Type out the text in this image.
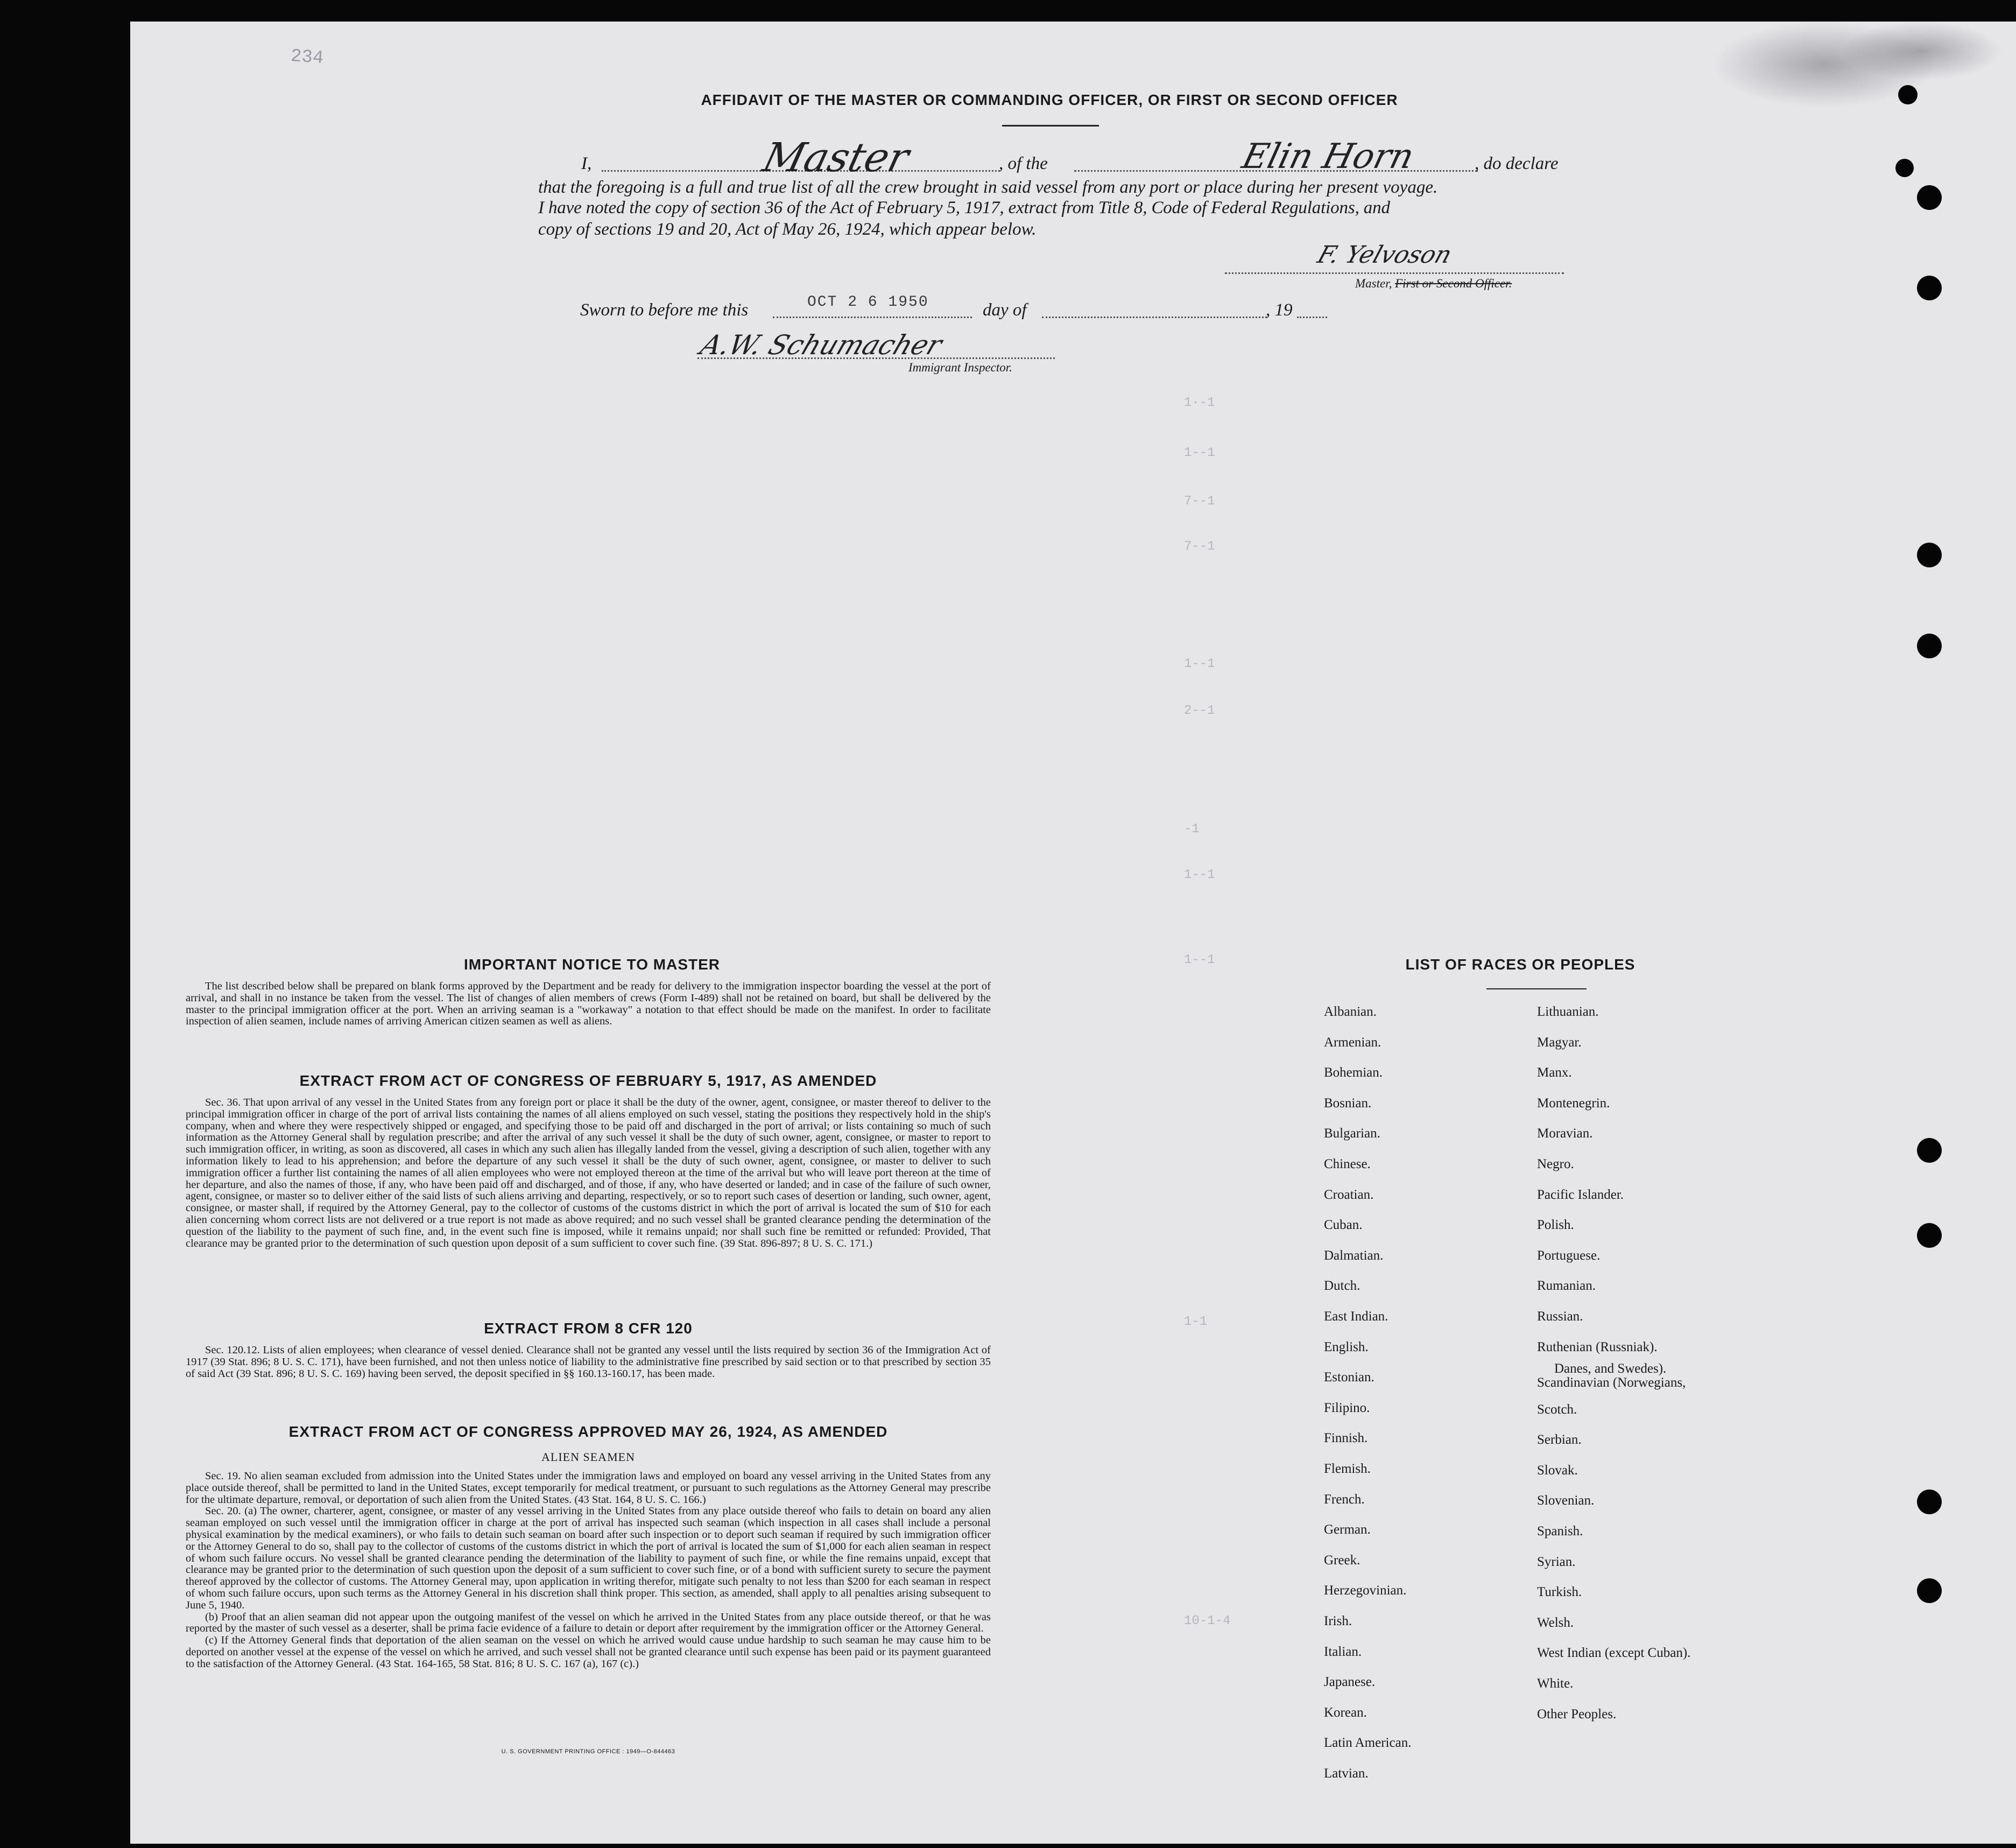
234
1·-1
1--1
7--1
7--1
1--1
2--1
-1
1--1
1--1
1-1
10-1-4
AFFIDAVIT OF THE MASTER OR COMMANDING OFFICER, OR FIRST OR SECOND OFFICER
I,	Master	, of the	Elin Horn	, do declare
that the foregoing is a full and true list of all the crew brought in said vessel from any port or place during her present voyage.
I have noted the copy of section 36 of the Act of February 5, 1917, extract from Title 8, Code of Federal Regulations, and
copy of sections 19 and 20, Act of May 26, 1924, which appear below.
F. Yelvoson
Master, First or Second Officer.
Sworn to before me this	OCT 2 6 1950	day of	, 19
A.W. Schumacher
Immigrant Inspector.
IMPORTANT NOTICE TO MASTER

The list described below shall be prepared on blank forms approved by the Department and be ready for delivery to the immigration inspector boarding the vessel at the port of arrival, and shall in no instance be taken from the vessel. The list of changes of alien members of crews (Form I-489) shall not be retained on board, but shall be delivered by the master to the principal immigration officer at the port. When an arriving seaman is a "workaway" a notation to that effect should be made on the manifest. In order to facilitate inspection of alien seamen, include names of arriving American citizen seamen as well as aliens.

EXTRACT FROM ACT OF CONGRESS OF FEBRUARY 5, 1917, AS AMENDED

Sec. 36. That upon arrival of any vessel in the United States from any foreign port or place it shall be the duty of the owner, agent, consignee, or master thereof to deliver to the principal immigration officer in charge of the port of arrival lists containing the names of all aliens employed on such vessel, stating the positions they respectively hold in the ship's company, when and where they were respectively shipped or engaged, and specifying those to be paid off and discharged in the port of arrival; or lists containing so much of such information as the Attorney General shall by regulation prescribe; and after the arrival of any such vessel it shall be the duty of such owner, agent, consignee, or master to report to such immigration officer, in writing, as soon as discovered, all cases in which any such alien has illegally landed from the vessel, giving a description of such alien, together with any information likely to lead to his apprehension; and before the departure of any such vessel it shall be the duty of such owner, agent, consignee, or master to deliver to such immigration officer a further list containing the names of all alien employees who were not employed thereon at the time of the arrival but who will leave port thereon at the time of her departure, and also the names of those, if any, who have been paid off and discharged, and of those, if any, who have deserted or landed; and in case of the failure of such owner, agent, consignee, or master so to deliver either of the said lists of such aliens arriving and departing, respectively, or so to report such cases of desertion or landing, such owner, agent, consignee, or master shall, if required by the Attorney General, pay to the collector of customs of the customs district in which the port of arrival is located the sum of $10 for each alien concerning whom correct lists are not delivered or a true report is not made as above required; and no such vessel shall be granted clearance pending the determination of the question of the liability to the payment of such fine, and, in the event such fine is imposed, while it remains unpaid; nor shall such fine be remitted or refunded: Provided, That clearance may be granted prior to the determination of such question upon deposit of a sum sufficient to cover such fine. (39 Stat. 896-897; 8 U. S. C. 171.)

EXTRACT FROM 8 CFR 120

Sec. 120.12. Lists of alien employees; when clearance of vessel denied. Clearance shall not be granted any vessel until the lists required by section 36 of the Immigration Act of 1917 (39 Stat. 896; 8 U. S. C. 171), have been furnished, and not then unless notice of liability to the administrative fine prescribed by said section or to that prescribed by section 35 of said Act (39 Stat. 896; 8 U. S. C. 169) having been served, the deposit specified in §§ 160.13-160.17, has been made.

EXTRACT FROM ACT OF CONGRESS APPROVED MAY 26, 1924, AS AMENDED
ALIEN SEAMEN

Sec. 19. No alien seaman excluded from admission into the United States under the immigration laws and employed on board any vessel arriving in the United States from any place outside thereof, shall be permitted to land in the United States, except temporarily for medical treatment, or pursuant to such regulations as the Attorney General may prescribe for the ultimate departure, removal, or deportation of such alien from the United States. (43 Stat. 164, 8 U. S. C. 166.)

Sec. 20. (a) The owner, charterer, agent, consignee, or master of any vessel arriving in the United States from any place outside thereof who fails to detain on board any alien seaman employed on such vessel until the immigration officer in charge at the port of arrival has inspected such seaman (which inspection in all cases shall include a personal physical examination by the medical examiners), or who fails to detain such seaman on board after such inspection or to deport such seaman if required by such immigration officer or the Attorney General to do so, shall pay to the collector of customs of the customs district in which the port of arrival is located the sum of $1,000 for each alien seaman in respect of whom such failure occurs. No vessel shall be granted clearance pending the determination of the liability to payment of such fine, or while the fine remains unpaid, except that clearance may be granted prior to the determination of such question upon the deposit of a sum sufficient to cover such fine, or of a bond with sufficient surety to secure the payment thereof approved by the collector of customs. The Attorney General may, upon application in writing therefor, mitigate such penalty to not less than $200 for each seaman in respect of whom such failure occurs, upon such terms as the Attorney General in his discretion shall think proper. This section, as amended, shall apply to all penalties arising subsequent to June 5, 1940.

(b) Proof that an alien seaman did not appear upon the outgoing manifest of the vessel on which he arrived in the United States from any place outside thereof, or that he was reported by the master of such vessel as a deserter, shall be prima facie evidence of a failure to detain or deport after requirement by the immigration officer or the Attorney General.

(c) If the Attorney General finds that deportation of the alien seaman on the vessel on which he arrived would cause undue hardship to such seaman he may cause him to be deported on another vessel at the expense of the vessel on which he arrived, and such vessel shall not be granted clearance until such expense has been paid or its payment guaranteed to the satisfaction of the Attorney General. (43 Stat. 164-165, 58 Stat. 816; 8 U. S. C. 167 (a), 167 (c).)

U. S. GOVERNMENT PRINTING OFFICE : 1949—O-844463
LIST OF RACES OR PEOPLES
Albanian.
Armenian.
Bohemian.
Bosnian.
Bulgarian.
Chinese.
Croatian.
Cuban.
Dalmatian.
Dutch.
East Indian.
English.
Estonian.
Filipino.
Finnish.
Flemish.
French.
German.
Greek.
Herzegovinian.
Irish.
Italian.
Japanese.
Korean.
Latin American.
Latvian.
Lithuanian.
Magyar.
Manx.
Montenegrin.
Moravian.
Negro.
Pacific Islander.
Polish.
Portuguese.
Rumanian.
Russian.
Ruthenian (Russniak).
Scandinavian (Norwegians,
Danes, and Swedes).
Scotch.
Serbian.
Slovak.
Slovenian.
Spanish.
Syrian.
Turkish.
Welsh.
West Indian (except Cuban).
White.
Other Peoples.
